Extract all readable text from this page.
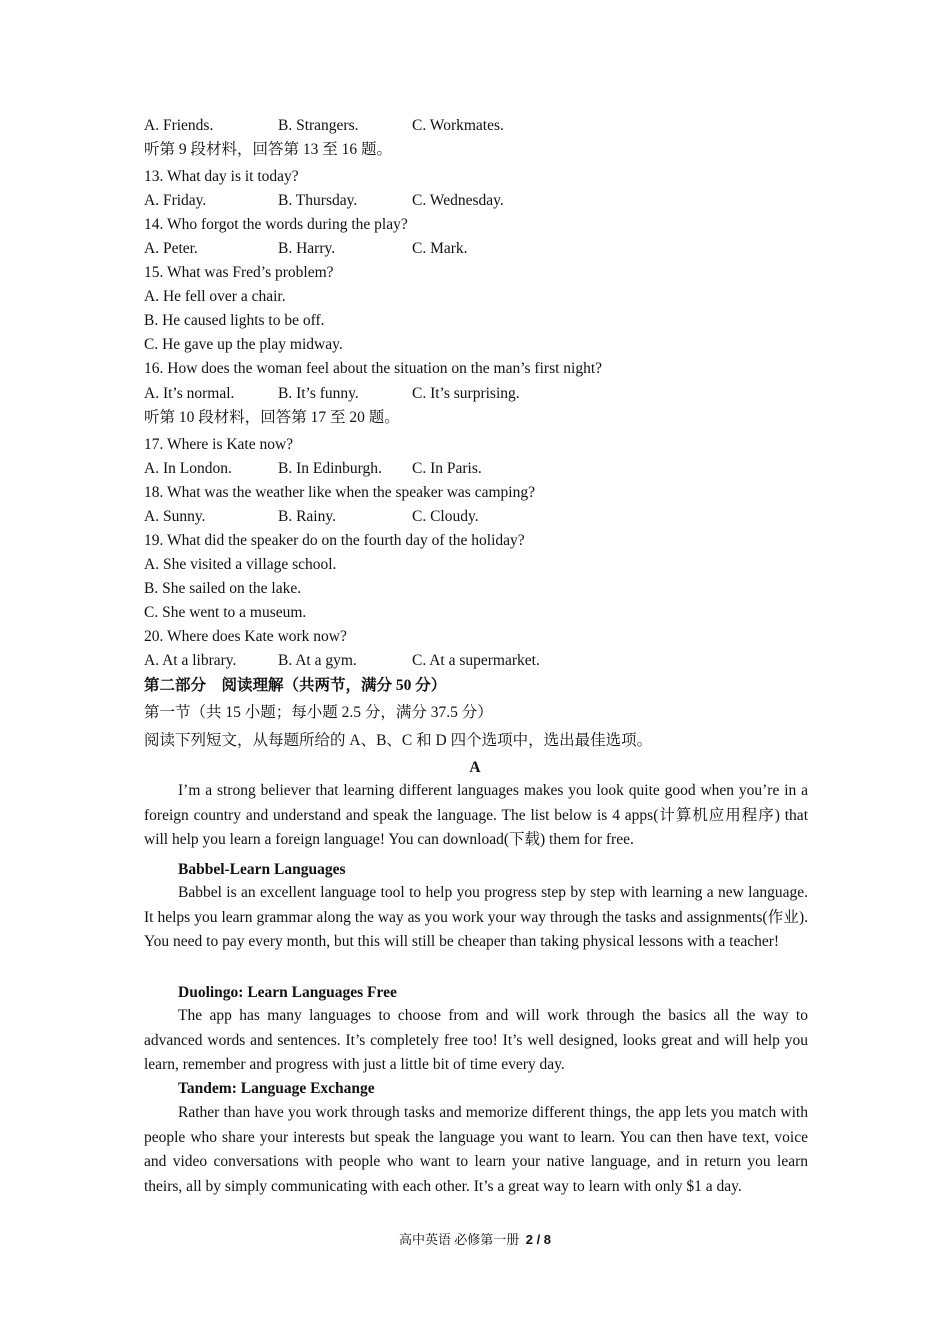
A. Friends.	B. Strangers.	C. Workmates.
听第 9 段材料，回答第 13 至 16 题。
13. What day is it today?
A. Friday.	B. Thursday.	C. Wednesday.
14. Who forgot the words during the play?
A. Peter.	B. Harry.	C. Mark.
15. What was Fred’s problem?
A. He fell over a chair.
B. He caused lights to be off.
C. He gave up the play midway.
16. How does the woman feel about the situation on the man’s first night?
A. It’s normal.	B. It’s funny.	C. It’s surprising.
听第 10 段材料，回答第 17 至 20 题。
17. Where is Kate now?
A. In London.	B. In Edinburgh. C. In Paris.
18. What was the weather like when the speaker was camping?
A. Sunny.	B. Rainy.	C. Cloudy.
19. What did the speaker do on the fourth day of the holiday?
A. She visited a village school.
B. She sailed on the lake.
C. She went to a museum.
20. Where does Kate work now?
A. At a library.	B. At a gym.	C. At a supermarket.
第二部分　阅读理解（共两节，满分 50 分）
第一节（共 15 小题；每小题 2.5 分，满分 37.5 分）
阅读下列短文，从每题所给的 A、B、C 和 D 四个选项中，选出最佳选项。
A
I’m a strong believer that learning different languages makes you look quite good when you’re in a foreign country and understand and speak the language. The list below is 4 apps(计算机应用程序) that will help you learn a foreign language! You can download(下载) them for free.
Babbel-Learn Languages
Babbel is an excellent language tool to help you progress step by step with learning a new language. It helps you learn grammar along the way as you work your way through the tasks and assignments(作业). You need to pay every month, but this will still be cheaper than taking physical lessons with a teacher!
Duolingo: Learn Languages Free
The app has many languages to choose from and will work through the basics all the way to advanced words and sentences. It’s completely free too! It’s well designed, looks great and will help you learn, remember and progress with just a little bit of time every day.
Tandem: Language Exchange
Rather than have you work through tasks and memorize different things, the app lets you match with people who share your interests but speak the language you want to learn. You can then have text, voice and video conversations with people who want to learn your native language, and in return you learn theirs, all by simply communicating with each other. It’s a great way to learn with only $1 a day.
高中英语 必修第一册 2 / 8
